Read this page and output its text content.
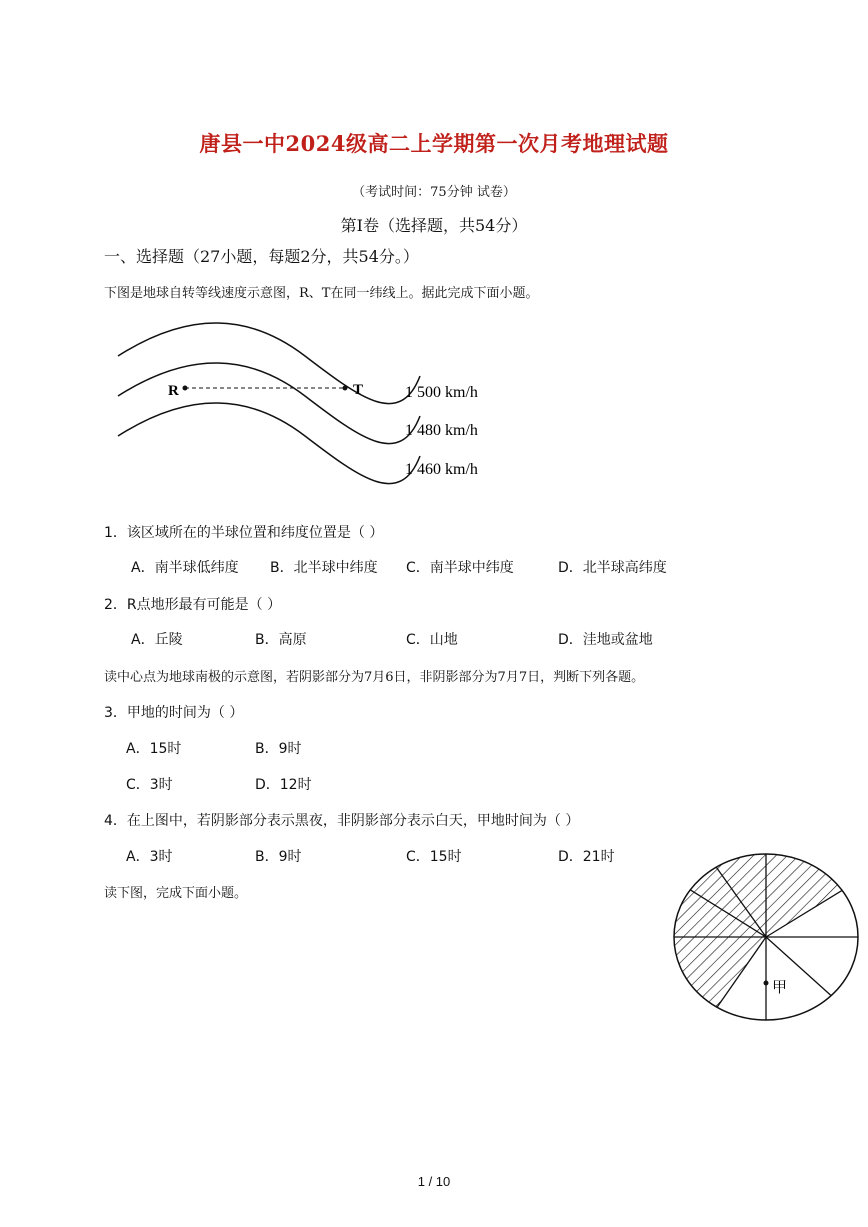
唐县一中2024级高二上学期第一次月考地理试题
（考试时间：75分钟 试卷）
第Ⅰ卷（选择题，共54分）
一、选择题（27小题，每题2分，共54分。）
下图是地球自转等线速度示意图，R、T在同一纬线上。据此完成下面小题。
R	T	1 500 km/h
1 480 km/h
1 460 km/h
1．该区域所在的半球位置和纬度位置是（ ）
A．南半球低纬度 B．北半球中纬度 C．南半球中纬度	D．北半球高纬度
2．R点地形最有可能是（ ）
A．丘陵	B．高原	C．山地	D．洼地或盆地
读中心点为地球南极的示意图，若阴影部分为7月6日，非阴影部分为7月7日，判断下列各题。
3．甲地的时间为（ ）
A．15时	B．9时
C．3时	D．12时
4．在上图中，若阴影部分表示黑夜，非阴影部分表示白天，甲地时间为（ ）
A．3时	B．9时	C．15时	D．21时
读下图，完成下面小题。
甲
1 / 10
